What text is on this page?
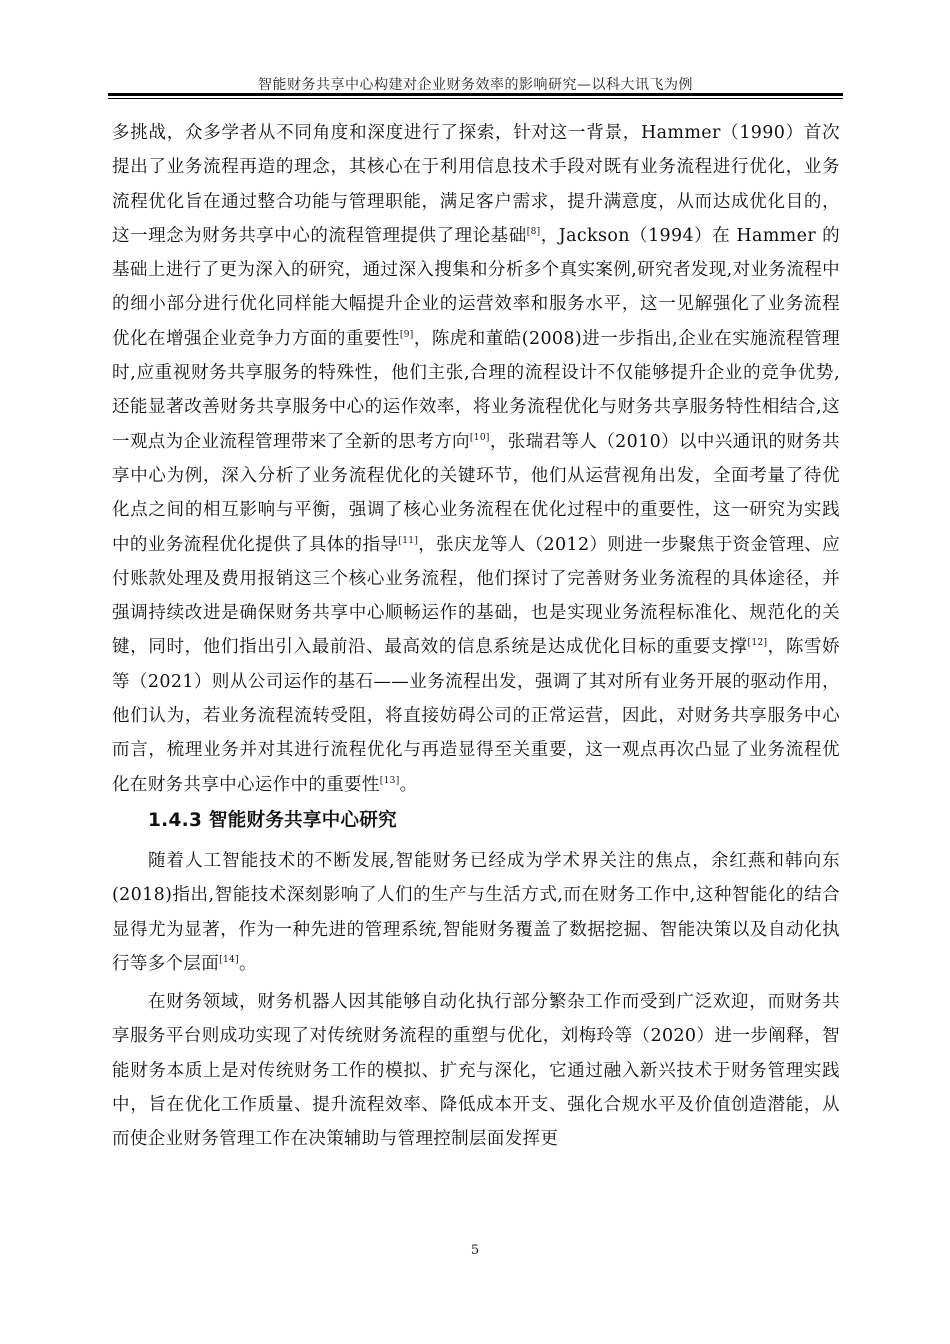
智能财务共享中心构建对企业财务效率的影响研究—以科大讯飞为例

多挑战，众多学者从不同角度和深度进行了探索，针对这一背景，Hammer（1990）首次提出了业务流程再造的理念，其核心在于利用信息技术手段对既有业务流程进行优化，业务流程优化旨在通过整合功能与管理职能，满足客户需求，提升满意度，从而达成优化目的，这一理念为财务共享中心的流程管理提供了理论基础[8]，Jackson（1994）在 Hammer 的基础上进行了更为深入的研究，通过深入搜集和分析多个真实案例,研究者发现,对业务流程中的细小部分进行优化同样能大幅提升企业的运营效率和服务水平，这一见解强化了业务流程优化在增强企业竞争力方面的重要性[9]，陈虎和董皓(2008)进一步指出,企业在实施流程管理时,应重视财务共享服务的特殊性，他们主张,合理的流程设计不仅能够提升企业的竞争优势,还能显著改善财务共享服务中心的运作效率，将业务流程优化与财务共享服务特性相结合,这一观点为企业流程管理带来了全新的思考方向[10]，张瑞君等人（2010）以中兴通讯的财务共享中心为例，深入分析了业务流程优化的关键环节，他们从运营视角出发，全面考量了待优化点之间的相互影响与平衡，强调了核心业务流程在优化过程中的重要性，这一研究为实践中的业务流程优化提供了具体的指导[11]，张庆龙等人（2012）则进一步聚焦于资金管理、应付账款处理及费用报销这三个核心业务流程，他们探讨了完善财务业务流程的具体途径，并强调持续改进是确保财务共享中心顺畅运作的基础，也是实现业务流程标准化、规范化的关键，同时，他们指出引入最前沿、最高效的信息系统是达成优化目标的重要支撑[12]，陈雪娇等（2021）则从公司运作的基石——业务流程出发，强调了其对所有业务开展的驱动作用，他们认为，若业务流程流转受阻，将直接妨碍公司的正常运营，因此，对财务共享服务中心而言，梳理业务并对其进行流程优化与再造显得至关重要，这一观点再次凸显了业务流程优化在财务共享中心运作中的重要性[13]。

1.4.3 智能财务共享中心研究

随着人工智能技术的不断发展,智能财务已经成为学术界关注的焦点，余红燕和韩向东(2018)指出,智能技术深刻影响了人们的生产与生活方式,而在财务工作中,这种智能化的结合显得尤为显著，作为一种先进的管理系统,智能财务覆盖了数据挖掘、智能决策以及自动化执行等多个层面[14]。

在财务领域，财务机器人因其能够自动化执行部分繁杂工作而受到广泛欢迎，而财务共享服务平台则成功实现了对传统财务流程的重塑与优化，刘梅玲等（2020）进一步阐释，智能财务本质上是对传统财务工作的模拟、扩充与深化，它通过融入新兴技术于财务管理实践中，旨在优化工作质量、提升流程效率、降低成本开支、强化合规水平及价值创造潜能，从而使企业财务管理工作在决策辅助与管理控制层面发挥更

5
